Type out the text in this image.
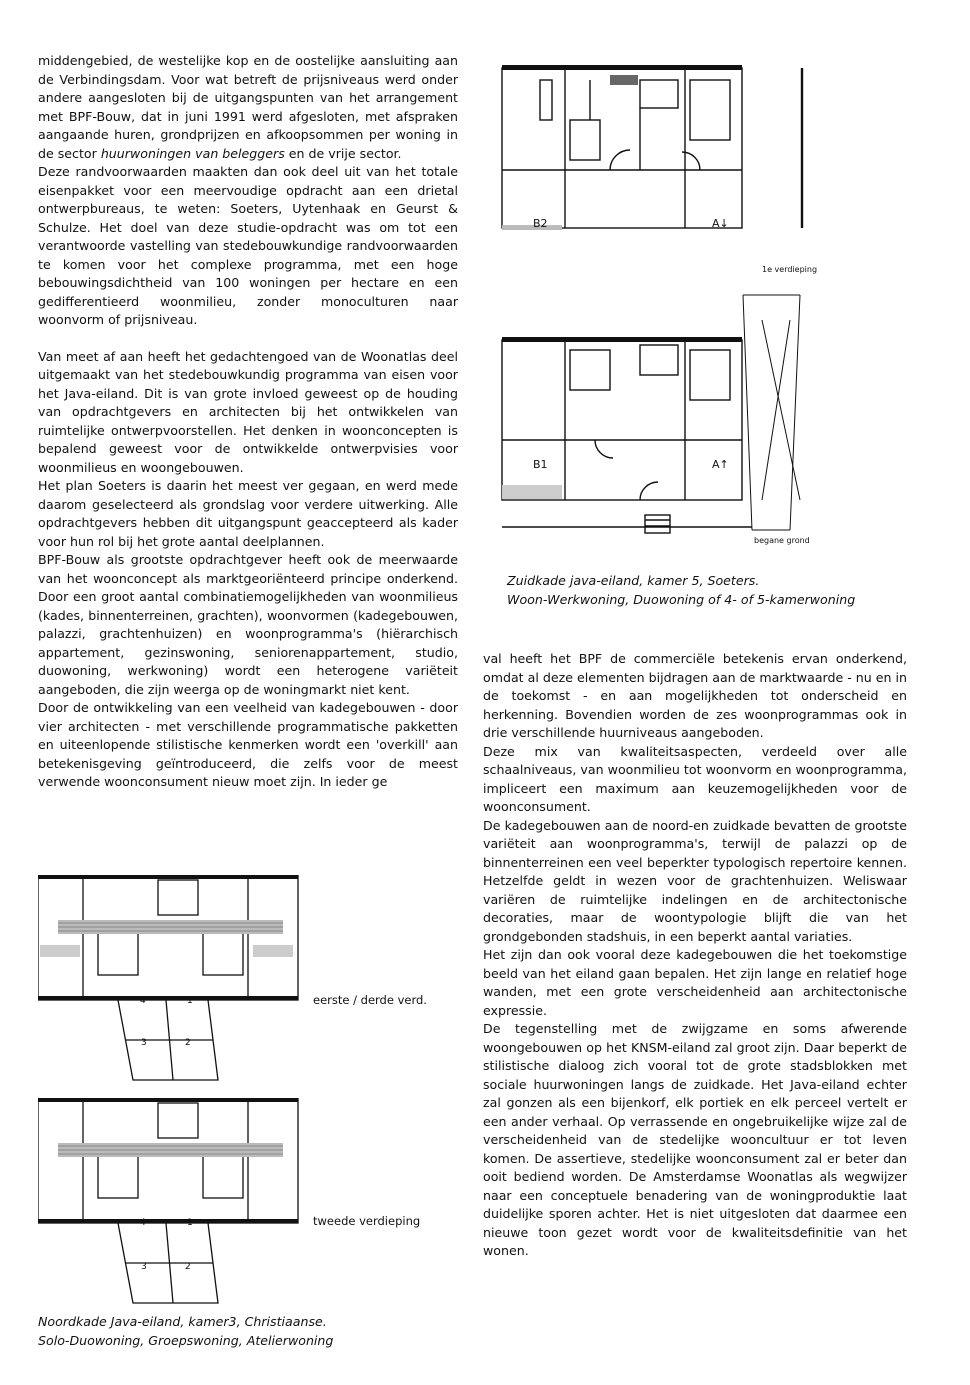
middengebied, de westelijke kop en de oostelijke aansluiting aan de Verbindingsdam. Voor wat betreft de prijsniveaus werd onder andere aangesloten bij de uitgangspunten van het arrangement met BPF-Bouw, dat in juni 1991 werd afgesloten, met afspraken aangaande huren, grondprijzen en afkoopsommen per woning in de sector huurwoningen van beleggers en de vrije sector.

Deze randvoorwaarden maakten dan ook deel uit van het totale eisenpakket voor een meervoudige opdracht aan een drietal ontwerpbureaus, te weten: Soeters, Uytenhaak en Geurst & Schulze. Het doel van deze studie-opdracht was om tot een verantwoorde vastelling van stedebouwkundige randvoorwaarden te komen voor het complexe programma, met een hoge bebouwingsdichtheid van 100 woningen per hectare en een gedifferentieerd woonmilieu, zonder monoculturen naar woonvorm of prijsniveau.

Van meet af aan heeft het gedachtengoed van de Woonatlas deel uitgemaakt van het stedebouwkundig programma van eisen voor het Java-eiland. Dit is van grote invloed geweest op de houding van opdrachtgevers en architecten bij het ontwikkelen van ruimtelijke ontwerpvoorstellen. Het denken in woonconcepten is bepalend geweest voor de ontwikkelde ontwerpvisies voor woonmilieus en woongebouwen.

Het plan Soeters is daarin het meest ver gegaan, en werd mede daarom geselecteerd als grondslag voor verdere uitwerking. Alle opdrachtgevers hebben dit uitgangspunt geaccepteerd als kader voor hun rol bij het grote aantal deelplannen.

BPF-Bouw als grootste opdrachtgever heeft ook de meerwaarde van het woonconcept als marktgeoriënteerd principe onderkend. Door een groot aantal combinatiemogelijkheden van woonmilieus (kades, binnenterreinen, grachten), woonvormen (kadegebouwen, palazzi, grachtenhuizen) en woonprogramma's (hiërarchisch appartement, gezinswoning, seniorenappartement, studio, duowoning, werkwoning) wordt een heterogene variëteit aangeboden, die zijn weerga op de woningmarkt niet kent.

Door de ontwikkeling van een veelheid van kadegebouwen - door vier architecten - met verschillende programmatische pakketten en uiteenlopende stilistische kenmerken wordt een 'overkill' aan betekenisgeving geïntroduceerd, die zelfs voor de meest verwende woonconsument nieuw moet zijn. In ieder ge

val heeft het BPF de commerciële betekenis ervan onderkend, omdat al deze elementen bijdragen aan de marktwaarde - nu en in de toekomst - en aan mogelijkheden tot onderscheid en herkenning. Bovendien worden de zes woonprogrammas ook in drie verschillende huurniveaus aangeboden.

Deze mix van kwaliteitsaspecten, verdeeld over alle schaalniveaus, van woonmilieu tot woonvorm en woonprogramma, impliceert een maximum aan keuzemogelijkheden voor de woonconsument.

De kadegebouwen aan de noord-en zuidkade bevatten de grootste variëteit aan woonprogramma's, terwijl de palazzi op de binnenterreinen een veel beperkter typologisch repertoire kennen. Hetzelfde geldt in wezen voor de grachtenhuizen. Weliswaar variëren de ruimtelijke indelingen en de architectonische decoraties, maar de woontypologie blijft die van het grondgebonden stadshuis, in een beperkt aantal variaties.

Het zijn dan ook vooral deze kadegebouwen die het toekomstige beeld van het eiland gaan bepalen. Het zijn lange en relatief hoge wanden, met een grote verscheidenheid aan architectonische expressie.

De tegenstelling met de zwijgzame en soms afwerende woongebouwen op het KNSM-eiland zal groot zijn. Daar beperkt de stilistische dialoog zich vooral tot de grote stadsblokken met sociale huurwoningen langs de zuidkade. Het Java-eiland echter zal gonzen als een bijenkorf, elk portiek en elk perceel vertelt er een ander verhaal. Op verrassende en ongebruikelijke wijze zal de verscheidenheid van de stedelijke wooncultuur er tot leven komen. De assertieve, stedelijke woonconsument zal er beter dan ooit bediend worden. De Amsterdamse Woonatlas als wegwijzer naar een conceptuele benadering van de woningproduktie laat duidelijke sporen achter. Het is niet uitgesloten dat daarmee een nieuwe toon gezet wordt voor de kwaliteitsdefinitie van het wonen.

B2	A↓
1e verdieping
B1	A↑
begane grond
Zuidkade java-eiland, kamer 5, Soeters.
Woon-Werkwoning, Duowoning of 4- of 5-kamerwoning
4	1
3	2
eerste / derde verd.
4	1
3	2
tweede verdieping
Noordkade Java-eiland, kamer3, Christiaanse.
Solo-Duowoning, Groepswoning, Atelierwoning
